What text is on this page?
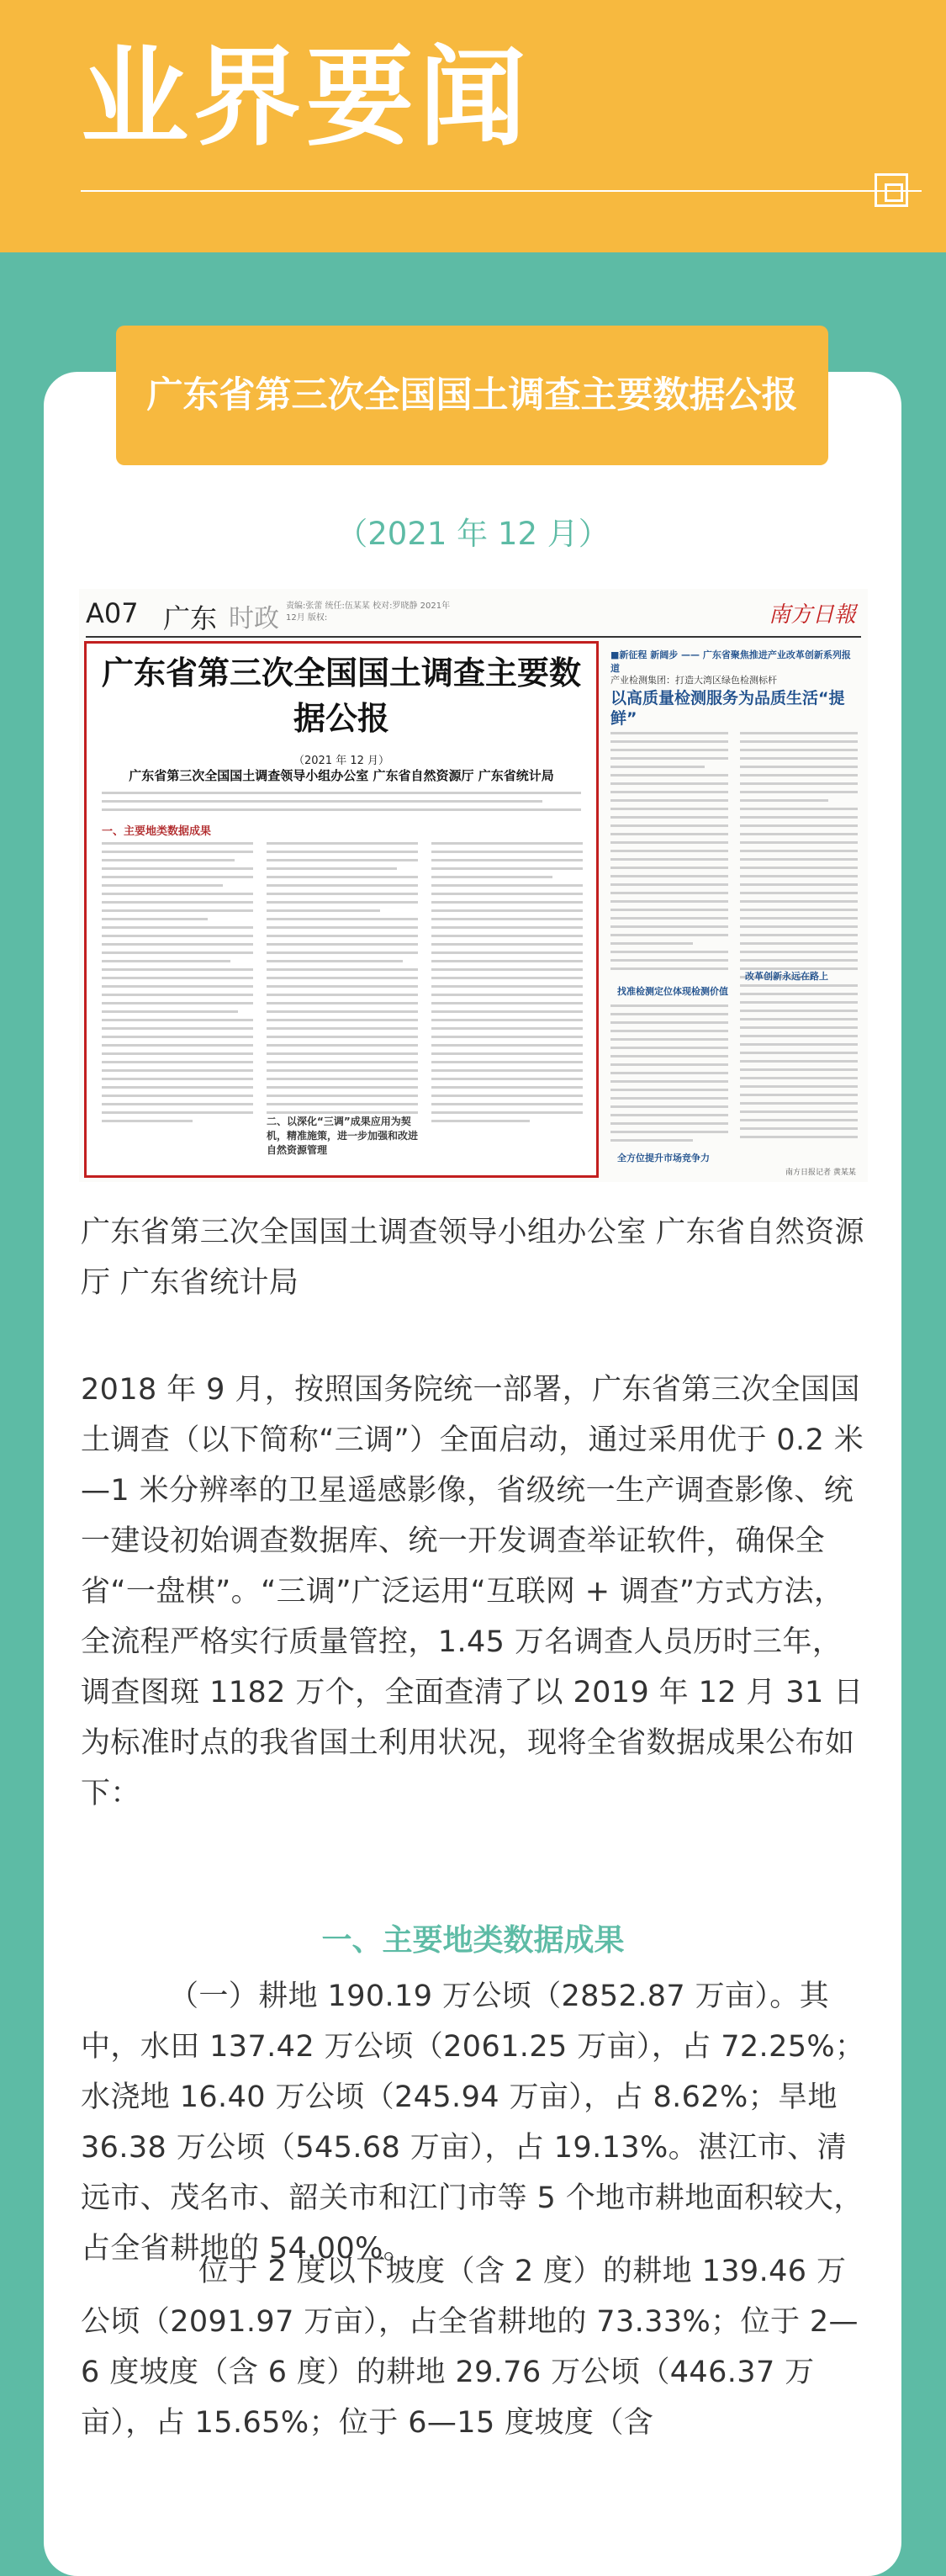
业界要闻
广东省第三次全国国土调查主要数据公报
（2021 年 12 月）
A07 广东 时政 责编:张蕾 统任:伍某某 校对:罗晓静 2021年12月 版权:	南方日報
广东省第三次全国国土调查主要数据公报
（2021 年 12 月）
广东省第三次全国国土调查领导小组办公室 广东省自然资源厅 广东省统计局
一、主要地类数据成果
二、以深化“三调”成果应用为契机，精准施策，进一步加强和改进自然资源管理
■新征程 新阔步 —— 广东省聚焦推进产业改革创新系列报道
产业检测集团：打造大湾区绿色检测标杆
以高质量检测服务为品质生活“提鲜”
找准检测定位体现检测价值
改革创新永远在路上
全方位提升市场竞争力
南方日报记者 黄某某
广东省第三次全国国土调查领导小组办公室 广东省自然资源厅 广东省统计局
2018 年 9 月，按照国务院统一部署，广东省第三次全国国土调查（以下简称“三调”）全面启动，通过采用优于 0.2 米—1 米分辨率的卫星遥感影像，省级统一生产调查影像、统一建设初始调查数据库、统一开发调查举证软件，确保全省“一盘棋”。“三调”广泛运用“互联网 + 调查”方式方法，全流程严格实行质量管控，1.45 万名调查人员历时三年，调查图斑 1182 万个，全面查清了以 2019 年 12 月 31 日为标准时点的我省国土利用状况，现将全省数据成果公布如下：
一、主要地类数据成果
（一）耕地 190.19 万公顷（2852.87 万亩）。其中，水田 137.42 万公顷（2061.25 万亩），占 72.25%；水浇地 16.40 万公顷（245.94 万亩），占 8.62%；旱地 36.38 万公顷（545.68 万亩），占 19.13%。湛江市、清远市、茂名市、韶关市和江门市等 5 个地市耕地面积较大，占全省耕地的 54.00%。
位于 2 度以下坡度（含 2 度）的耕地 139.46 万公顷（2091.97 万亩），占全省耕地的 73.33%；位于 2—6 度坡度（含 6 度）的耕地 29.76 万公顷（446.37 万亩），占 15.65%；位于 6—15 度坡度（含
